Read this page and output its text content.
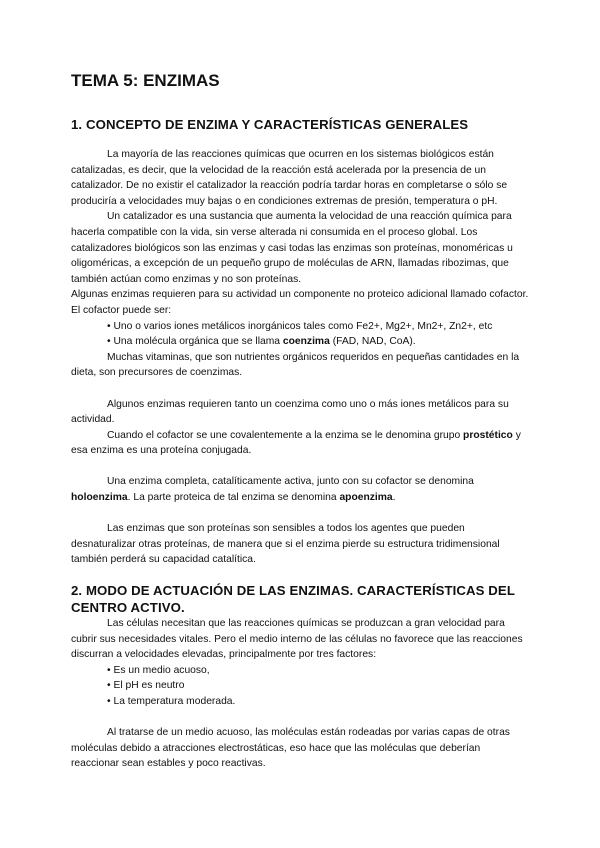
TEMA 5: ENZIMAS
1. CONCEPTO DE ENZIMA Y CARACTERÍSTICAS GENERALES

La mayoría de las reacciones químicas que ocurren en los sistemas biológicos están catalizadas, es decir, que la velocidad de la reacción está acelerada por la presencia de un catalizador. De no existir el catalizador la reacción podría tardar horas en completarse o sólo se produciría a velocidades muy bajas o en condiciones extremas de presión, temperatura o pH.

Un catalizador es una sustancia que aumenta la velocidad de una reacción química para hacerla compatible con la vida, sin verse alterada ni consumida en el proceso global. Los catalizadores biológicos son las enzimas y casi todas las enzimas son proteínas, monoméricas u oligoméricas, a excepción de un pequeño grupo de moléculas de ARN, llamadas ribozimas, que también actúan como enzimas y no son proteínas.

Algunas enzimas requieren para su actividad un componente no proteico adicional llamado cofactor. El cofactor puede ser:

• Uno o varios iones metálicos inorgánicos tales como Fe2+, Mg2+, Mn2+, Zn2+, etc
• Una molécula orgánica que se llama coenzima (FAD, NAD, CoA).

Muchas vitaminas, que son nutrientes orgánicos requeridos en pequeñas cantidades en la dieta, son precursores de coenzimas.

Algunos enzimas requieren tanto un coenzima como uno o más iones metálicos para su actividad.

Cuando el cofactor se une covalentemente a la enzima se le denomina grupo prostético y esa enzima es una proteína conjugada.

Una enzima completa, catalíticamente activa, junto con su cofactor se denomina holoenzima. La parte proteica de tal enzima se denomina apoenzima.

Las enzimas que son proteínas son sensibles a todos los agentes que pueden desnaturalizar otras proteínas, de manera que si el enzima pierde su estructura tridimensional también perderá su capacidad catalítica.

2. MODO DE ACTUACIÓN DE LAS ENZIMAS. CARACTERÍSTICAS DEL CENTRO ACTIVO.

Las células necesitan que las reacciones químicas se produzcan a gran velocidad para cubrir sus necesidades vitales. Pero el medio interno de las células no favorece que las reacciones discurran a velocidades elevadas, principalmente por tres factores:

• Es un medio acuoso,
• El pH es neutro
• La temperatura moderada.

Al tratarse de un medio acuoso, las moléculas están rodeadas por varias capas de otras moléculas debido a atracciones electrostáticas, eso hace que las moléculas que deberían reaccionar sean estables y poco reactivas.
